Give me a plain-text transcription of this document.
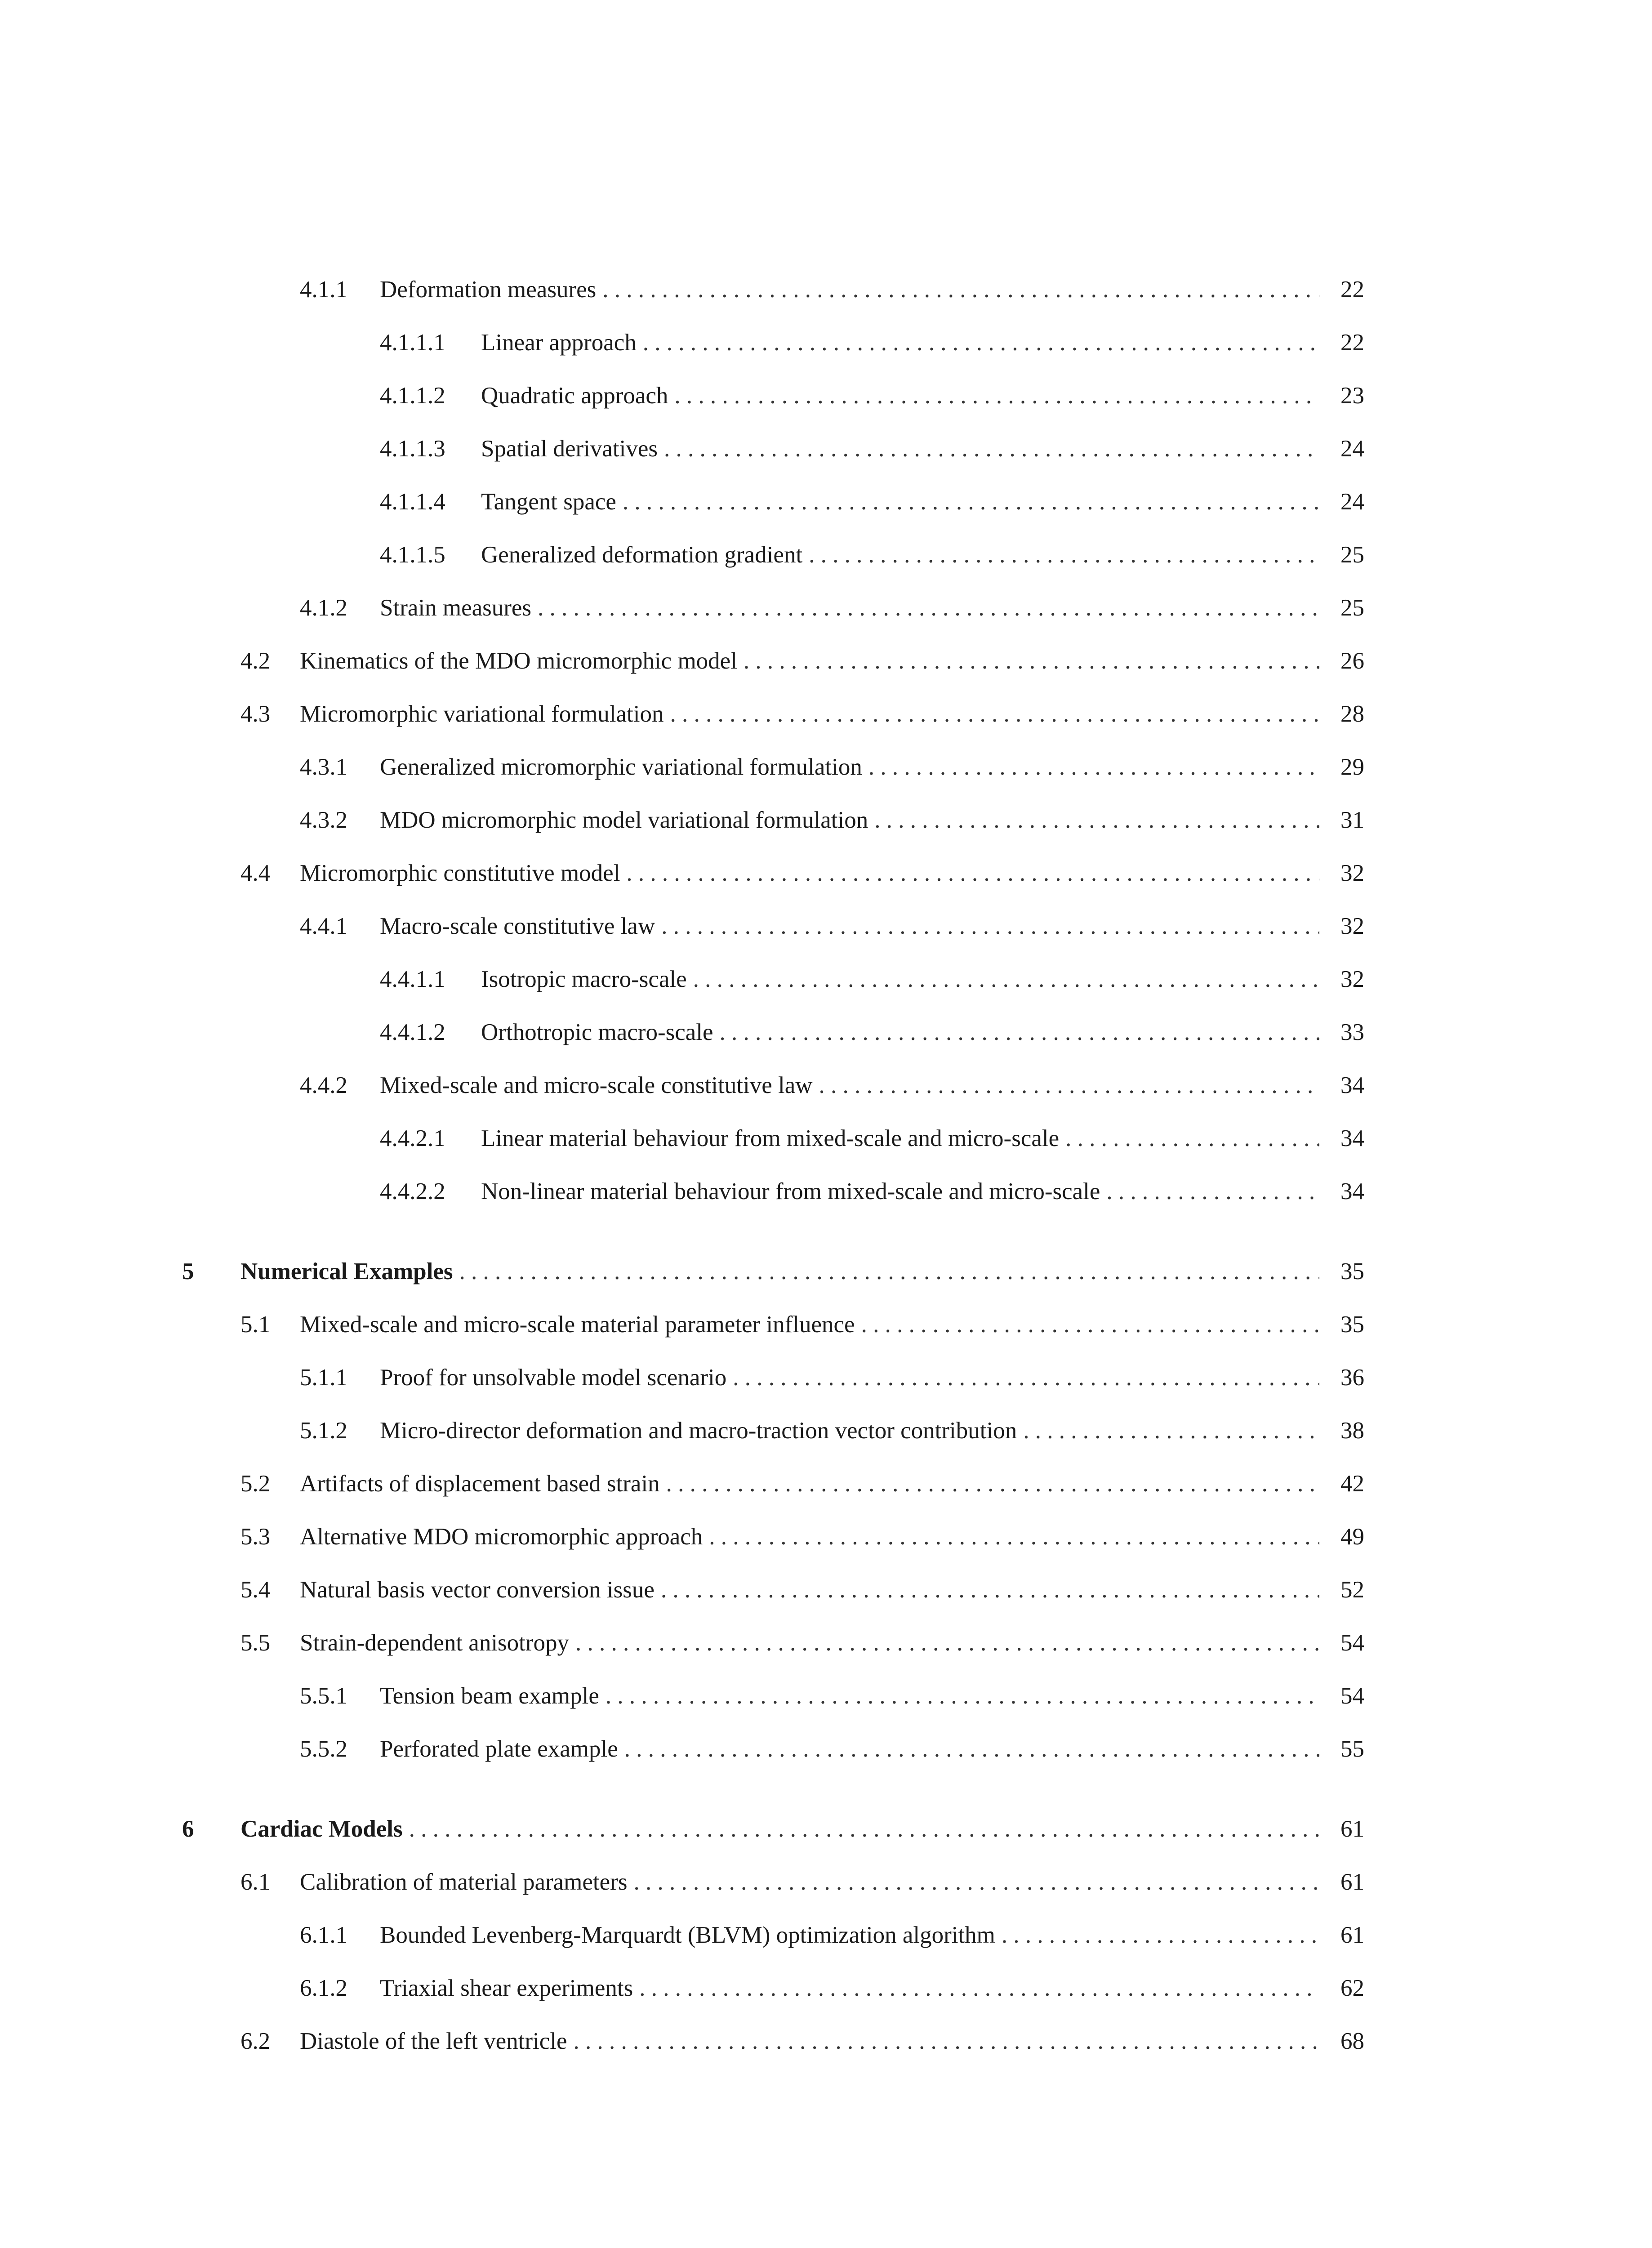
4.1.1 Deformation measures . . .	22
4.1.1.1 Linear approach . . .	22
4.1.1.2 Quadratic approach . . .	23
4.1.1.3 Spatial derivatives . . .	24
4.1.1.4 Tangent space . . .	24
4.1.1.5 Generalized deformation gradient . . .	25
4.1.2 Strain measures . . .	25
4.2 Kinematics of the MDO micromorphic model . . .	26
4.3 Micromorphic variational formulation . . .	28
4.3.1 Generalized micromorphic variational formulation . . .	29
4.3.2 MDO micromorphic model variational formulation . . .	31
4.4 Micromorphic constitutive model . . .	32
4.4.1 Macro-scale constitutive law . . .	32
4.4.1.1 Isotropic macro-scale . . .	32
4.4.1.2 Orthotropic macro-scale . . .	33
4.4.2 Mixed-scale and micro-scale constitutive law . . .	34
4.4.2.1 Linear material behaviour from mixed-scale and micro-scale . . .	34
4.4.2.2 Non-linear material behaviour from mixed-scale and micro-scale . . .	34
5 Numerical Examples . . .	35
5.1 Mixed-scale and micro-scale material parameter influence . . .	35
5.1.1 Proof for unsolvable model scenario . . .	36
5.1.2 Micro-director deformation and macro-traction vector contribution . . .	38
5.2 Artifacts of displacement based strain . . .	42
5.3 Alternative MDO micromorphic approach . . .	49
5.4 Natural basis vector conversion issue . . .	52
5.5 Strain-dependent anisotropy . . .	54
5.5.1 Tension beam example . . .	54
5.5.2 Perforated plate example . . .	55
6 Cardiac Models . . .	61
6.1 Calibration of material parameters . . .	61
6.1.1 Bounded Levenberg-Marquardt (BLVM) optimization algorithm . . .	61
6.1.2 Triaxial shear experiments . . .	62
6.2 Diastole of the left ventricle . . .	68
